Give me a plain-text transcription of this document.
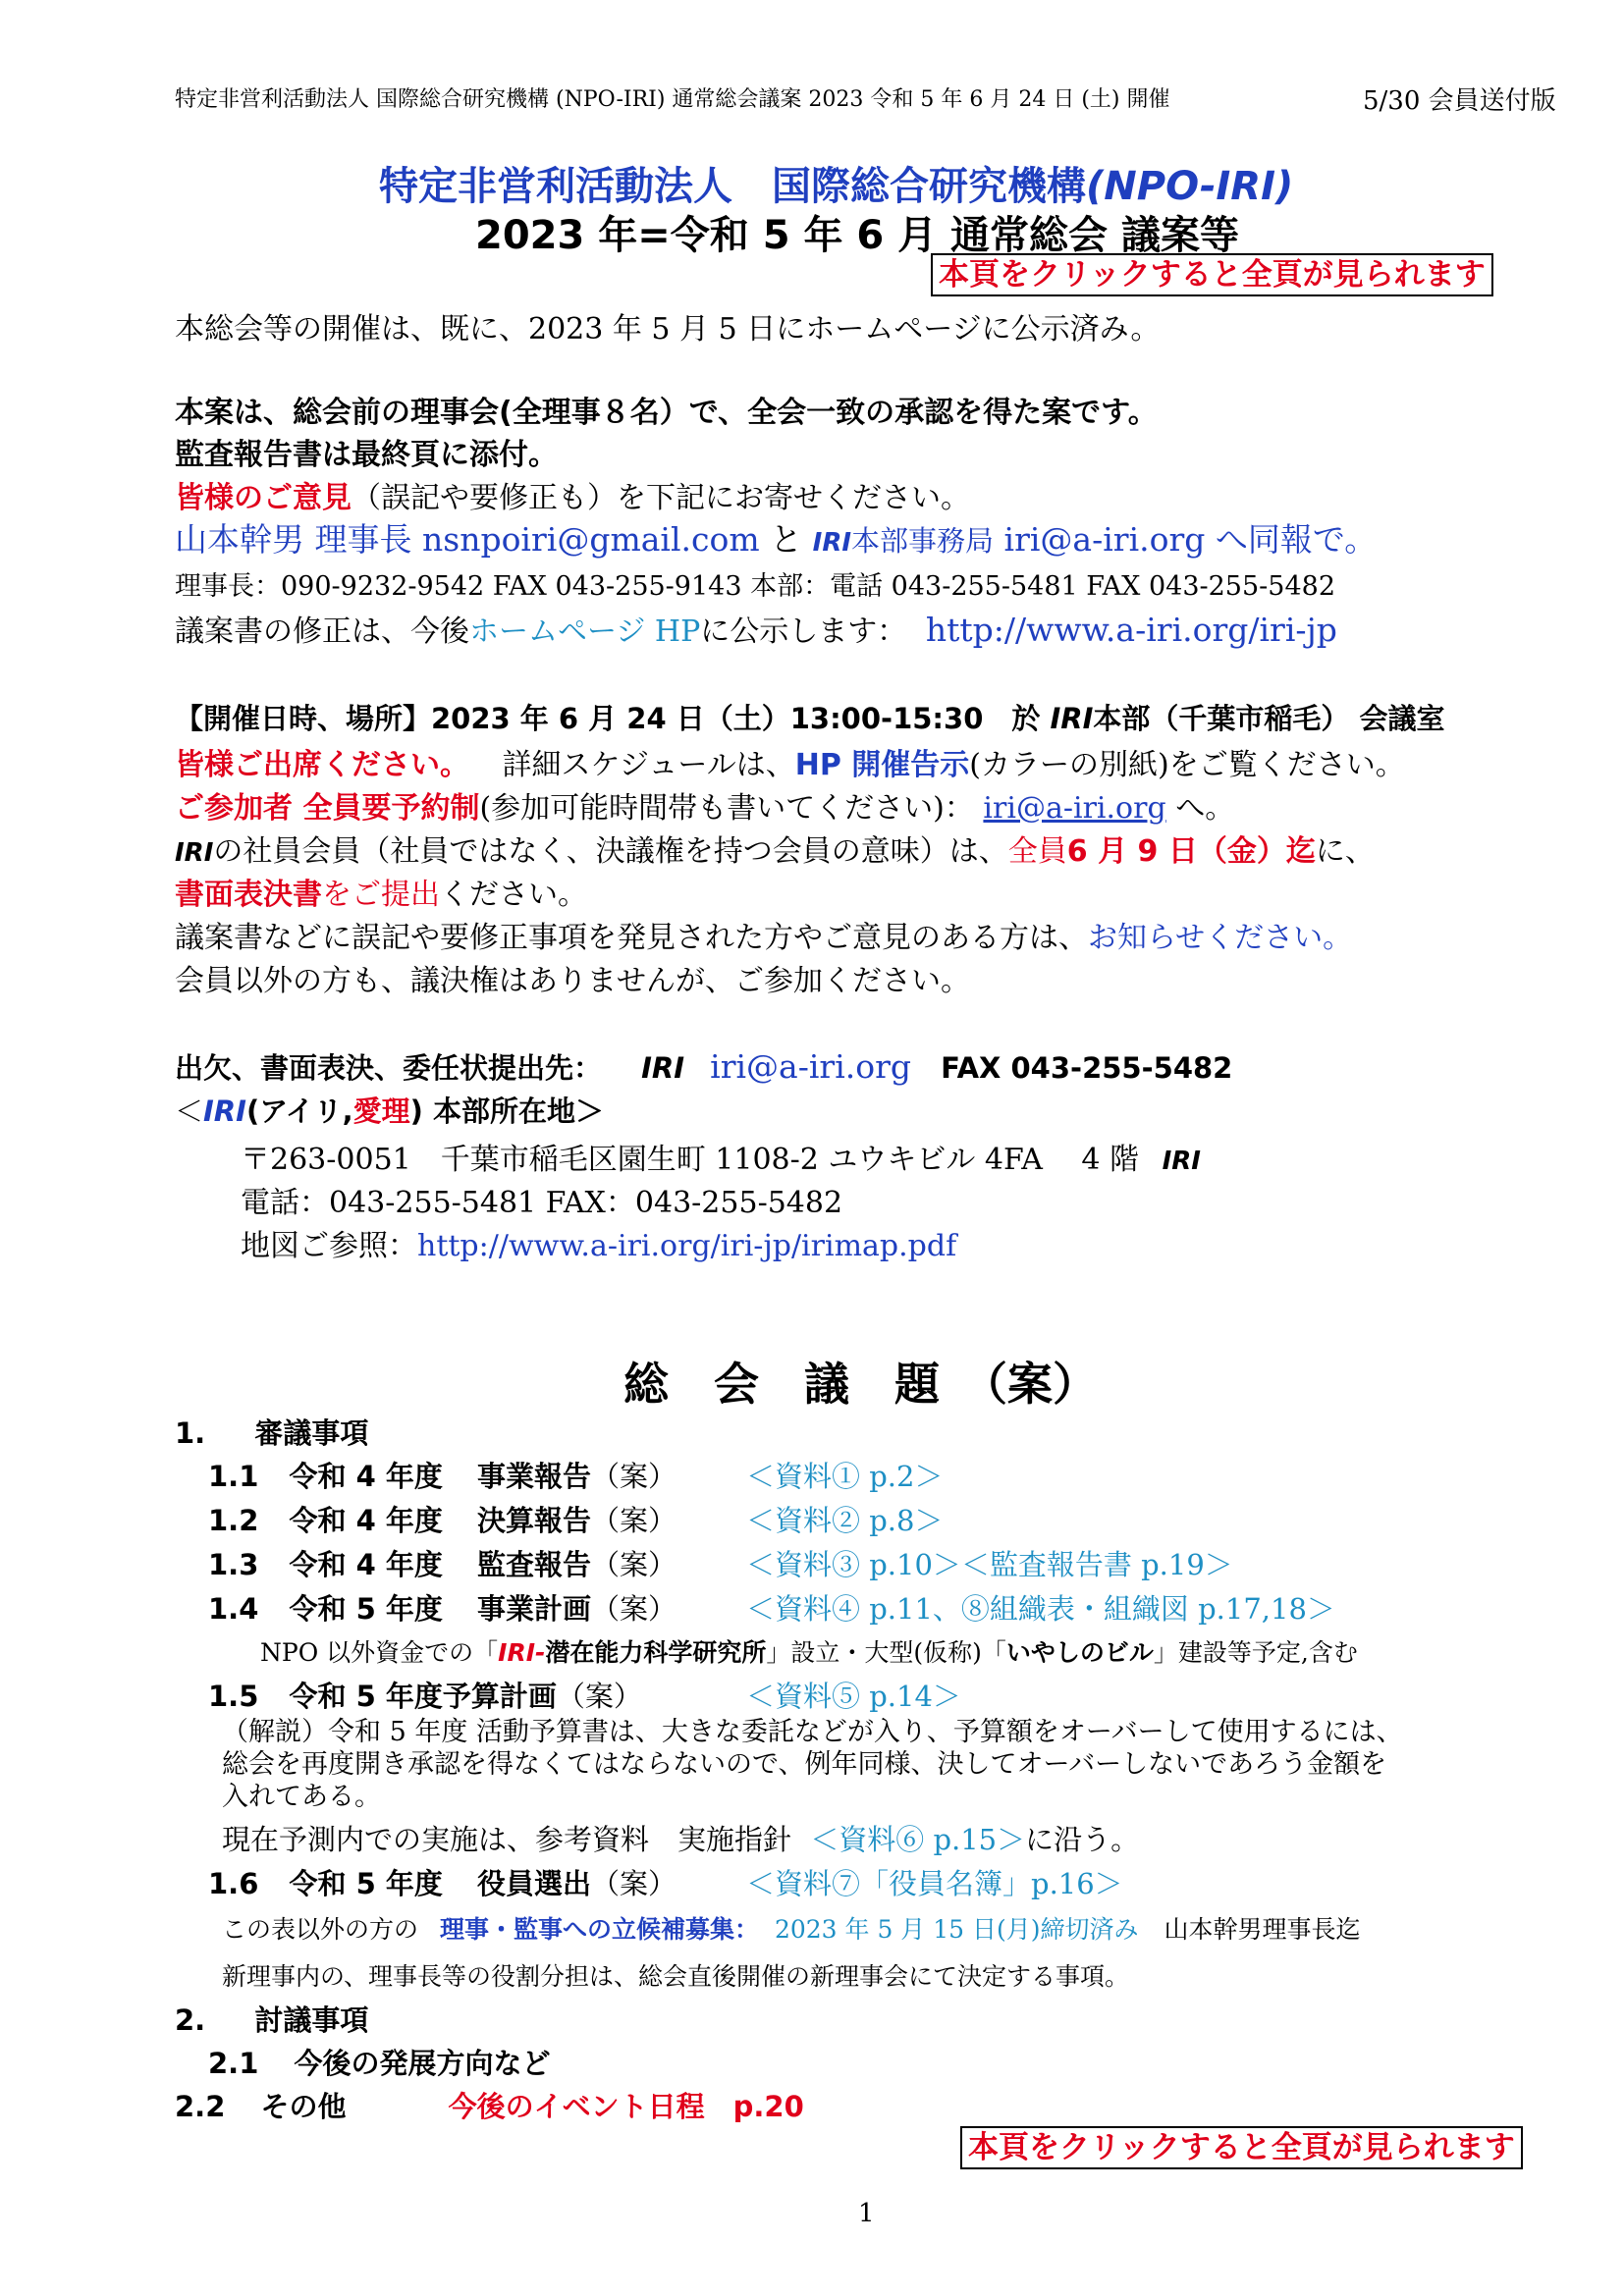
特定非営利活動法人 国際総合研究機構 (NPO-IRI) 通常総会議案 2023 令和 5 年 6 月 24 日 (土) 開催	5/30 会員送付版
特定非営利活動法人　国際総合研究機構(NPO-IRI)
2023 年=令和 5 年 6 月 通常総会 議案等
本頁をクリックすると全頁が見られます
本総会等の開催は、既に、2023 年 5 月 5 日にホームページに公示済み。
本案は、総会前の理事会(全理事８名）で、全会一致の承認を得た案です。
監査報告書は最終頁に添付。
皆様のご意見（誤記や要修正も）を下記にお寄せください。
山本幹男 理事長 nsnpoiri@gmail.com と IRI本部事務局 iri@a-iri.org へ同報で。
理事長：090-9232-9542 FAX 043-255-9143 本部：電話 043-255-5481 FAX 043-255-5482
議案書の修正は、今後ホームページ HPに公示します： http://www.a-iri.org/iri-jp
【開催日時、場所】2023 年 6 月 24 日（土）13:00-15:30　於 IRI本部（千葉市稲毛） 会議室
皆様ご出席ください。 詳細スケジュールは、HP 開催告示(カラーの別紙)をご覧ください。
ご参加者 全員要予約制(参加可能時間帯も書いてください)： iri@a-iri.org へ。
IRIの社員会員（社員ではなく、決議権を持つ会員の意味）は、全員6 月 9 日（金）迄に、
書面表決書をご提出ください。
議案書などに誤記や要修正事項を発見された方やご意見のある方は、お知らせください。
会員以外の方も、議決権はありませんが、ご参加ください。
出欠、書面表決、委任状提出先： IRI iri@a-iri.org FAX 043-255-5482
＜IRI(アイリ,愛理) 本部所在地＞
〒263-0051　千葉市稲毛区園生町 1108-2 ユウキビル 4FA　 4 階 IRI
電話：043-255-5481 FAX：043-255-5482
地図ご参照：http://www.a-iri.org/iri-jp/irimap.pdf
総　会　議　題　（案）
1. 審議事項
1.1 令和 4 年度 事業報告（案） ＜資料① p.2＞
1.2 令和 4 年度 決算報告（案） ＜資料② p.8＞
1.3 令和 4 年度 監査報告（案） ＜資料③ p.10＞＜監査報告書 p.19＞
1.4 令和 5 年度 事業計画（案） ＜資料④ p.11、⑧組織表・組織図 p.17,18＞
NPO 以外資金での「IRI-潜在能力科学研究所」設立・大型(仮称)「いやしのビル」建設等予定,含む
1.5 令和 5 年度予算計画（案）	＜資料⑤ p.14＞
（解説）令和 5 年度 活動予算書は、大きな委託などが入り、予算額をオーバーして使用するには、
総会を再度開き承認を得なくてはならないので、例年同様、決してオーバーしないであろう金額を
入れてある。
現在予測内での実施は、参考資料　実施指針 ＜資料⑥ p.15＞に沿う。
1.6 令和 5 年度 役員選出（案） ＜資料⑦「役員名簿」p.16＞
この表以外の方の 理事・監事への立候補募集： 2023 年 5 月 15 日(月)締切済み 山本幹男理事長迄
新理事内の、理事長等の役割分担は、総会直後開催の新理事会にて決定する事項。
2. 討議事項
2.1 今後の発展方向など
2.2 その他	今後のイベント日程　p.20
本頁をクリックすると全頁が見られます
1
